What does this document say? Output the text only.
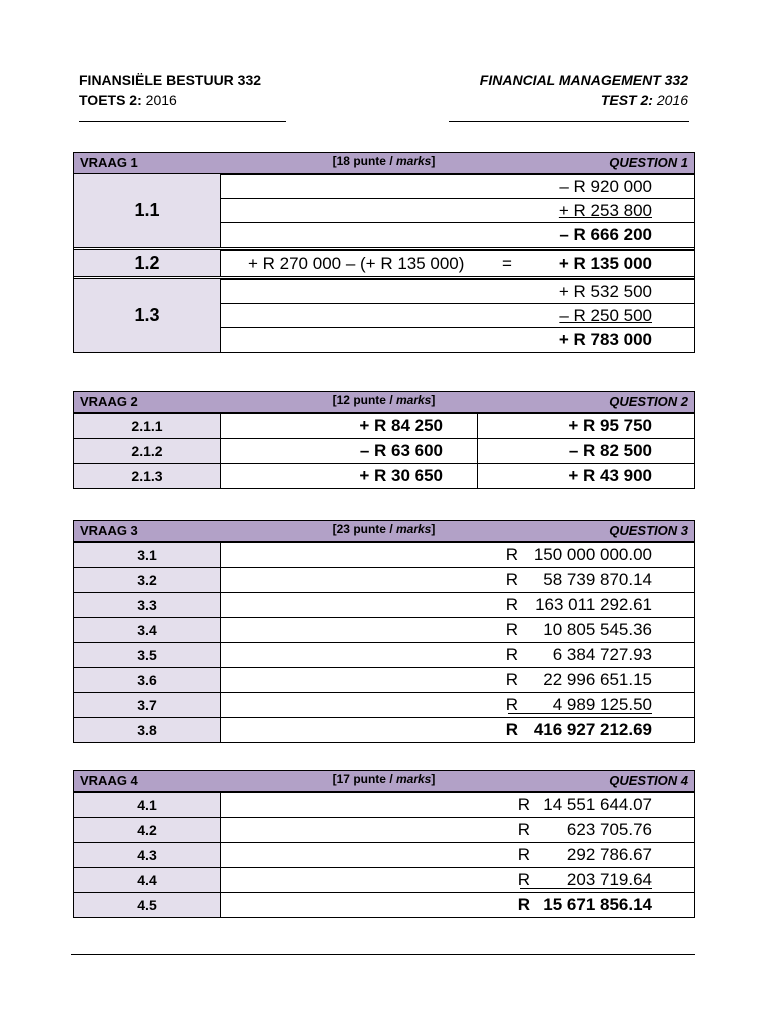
FINANSIËLE BESTUUR 332
TOETS 2: 2016
FINANCIAL MANAGEMENT 332
TEST 2: 2016
VRAAG 1	[18 punte / marks]	QUESTION 1
1.1
– R 920 000
+ R 253 800
– R 666 200
1.2	+ R 270 000 – (+ R 135 000) =	+ R 135 000
1.3
+ R 532 500
– R 250 500
+ R 783 000
VRAAG 2	[12 punte / marks]	QUESTION 2
2.1.1	+ R 84 250	+ R 95 750
2.1.2	– R 63 600	– R 82 500
2.1.3	+ R 30 650	+ R 43 900
VRAAG 3	[23 punte / marks]	QUESTION 3
3.1	R 150 000 000.00
3.2	R 58 739 870.14
3.3	R 163 011 292.61
3.4	R 10 805 545.36
3.5	R 6 384 727.93
3.6	R 22 996 651.15
3.7	R 4 989 125.50
3.8	R 416 927 212.69
VRAAG 4	[17 punte / marks]	QUESTION 4
4.1	R 14 551 644.07
4.2	R 623 705.76
4.3	R 292 786.67
4.4	R 203 719.64
4.5	R 15 671 856.14
